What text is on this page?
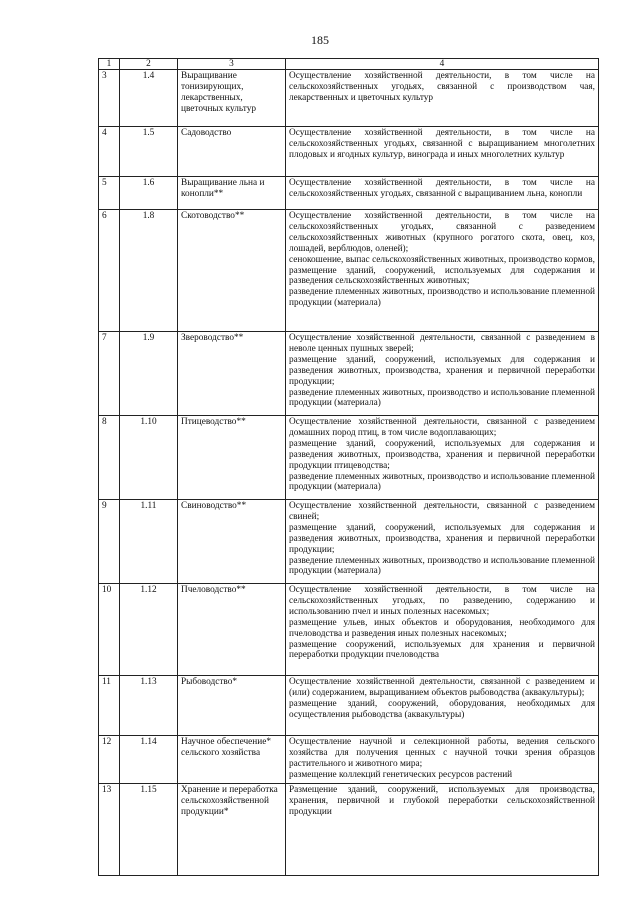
185
1	2	3	4
3	1.4	Выращивание тонизирующих, лекарственных, цветочных культур	Осуществление хозяйственной деятельности, в том числе на сельскохозяйственных угодьях, связанной с производством чая, лекарственных и цветочных культур

4	1.5	Садоводство	Осуществление хозяйственной деятельности, в том числе на сельскохозяйственных угодьях, связанной с выращиванием многолетних плодовых и ягодных культур, винограда и иных многолетних культур

5	1.6	Выращивание льна и конопли**	Осуществление хозяйственной деятельности, в том числе на сельскохозяйственных угодьях, связанной с выращиванием льна, конопли

6	1.8	Скотоводство**	Осуществление хозяйственной деятельности, в том числе на сельскохозяйственных угодьях, связанной с разведением сельскохозяйственных животных (крупного рогатого скота, овец, коз, лошадей, верблюдов, оленей);

сенокошение, выпас сельскохозяйственных животных, производство кормов, размещение зданий, сооружений, используемых для содержания и разведения сельскохозяйственных животных;

разведение племенных животных, производство и использование племенной продукции (материала)

7	1.9	Звероводство**	Осуществление хозяйственной деятельности, связанной с разведением в неволе ценных пушных зверей;

размещение зданий, сооружений, используемых для содержания и разведения животных, производства, хранения и первичной переработки продукции;

разведение племенных животных, производство и использование племенной продукции (материала)

8	1.10	Птицеводство**	Осуществление хозяйственной деятельности, связанной с разведением домашних пород птиц, в том числе водоплавающих;

размещение зданий, сооружений, используемых для содержания и разведения животных, производства, хранения и первичной переработки продукции птицеводства;

разведение племенных животных, производство и использование племенной продукции (материала)

9	1.11	Свиноводство**	Осуществление хозяйственной деятельности, связанной с разведением свиней;

размещение зданий, сооружений, используемых для содержания и разведения животных, производства, хранения и первичной переработки продукции;

разведение племенных животных, производство и использование племенной продукции (материала)

10	1.12	Пчеловодство**	Осуществление хозяйственной деятельности, в том числе на сельскохозяйственных угодьях, по разведению, содержанию и использованию пчел и иных полезных насекомых;

размещение ульев, иных объектов и оборудования, необходимого для пчеловодства и разведения иных полезных насекомых;

размещение сооружений, используемых для хранения и первичной переработки продукции пчеловодства

11	1.13	Рыбоводство*	Осуществление хозяйственной деятельности, связанной с разведением и (или) содержанием, выращиванием объектов рыбоводства (аквакультуры);

размещение зданий, сооружений, оборудования, необходимых для осуществления рыбоводства (аквакультуры)

12	1.14	Научное обеспечение* сельского хозяйства	Осуществление научной и селекционной работы, ведения сельского хозяйства для получения ценных с научной точки зрения образцов растительного и животного мира;

размещение коллекций генетических ресурсов растений

13	1.15	Хранение и переработка сельскохозяйственной продукции*	Размещение зданий, сооружений, используемых для производства, хранения, первичной и глубокой переработки сельскохозяйственной продукции
